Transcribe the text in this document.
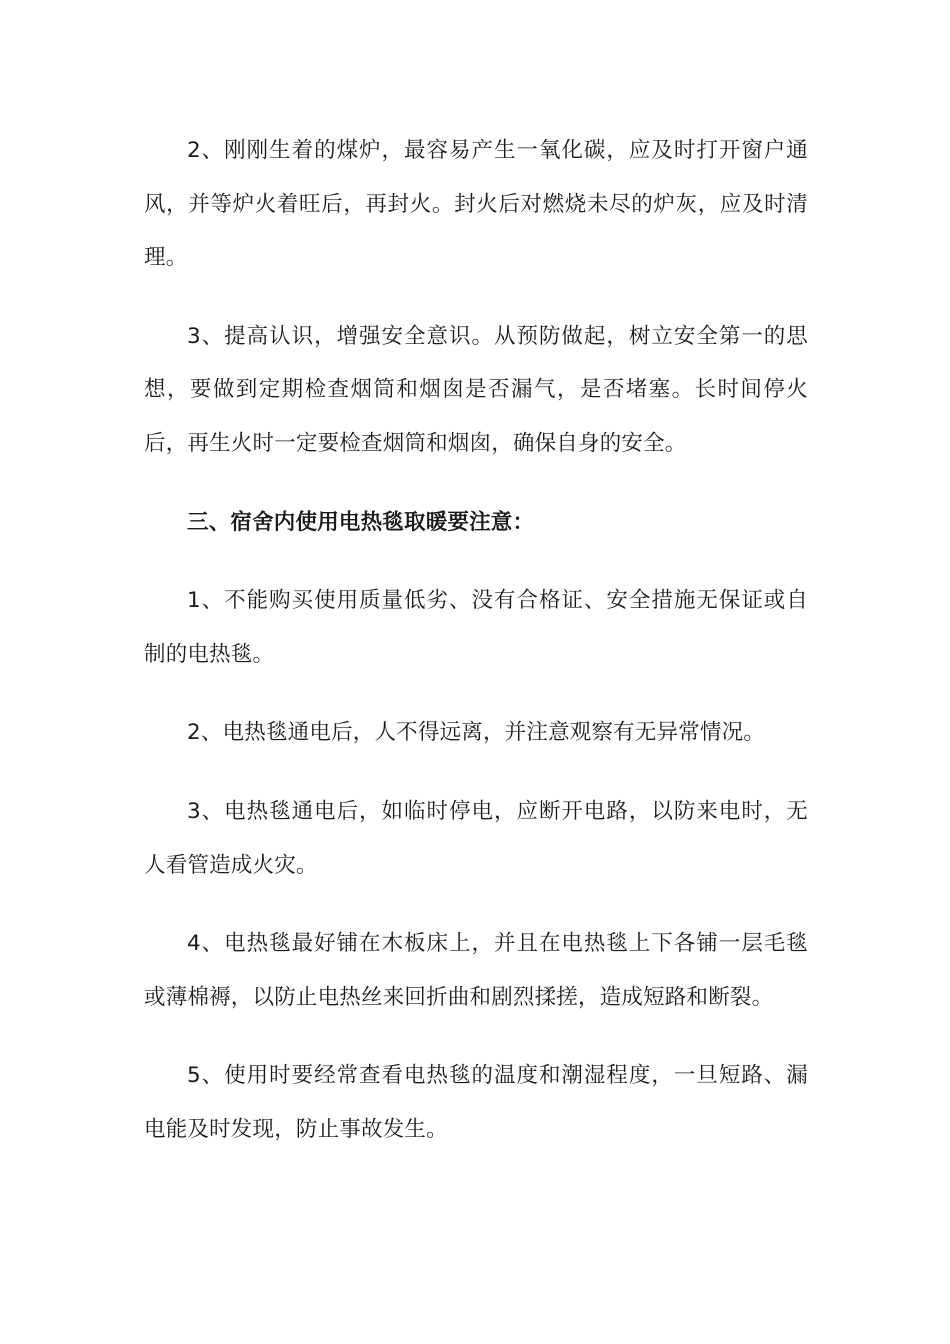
2、刚刚生着的煤炉，最容易产生一氧化碳，应及时打开窗户通风，并等炉火着旺后，再封火。封火后对燃烧未尽的炉灰，应及时清理。

3、提高认识，增强安全意识。从预防做起，树立安全第一的思想，要做到定期检查烟筒和烟囱是否漏气，是否堵塞。长时间停火后，再生火时一定要检查烟筒和烟囱，确保自身的安全。

三、宿舍内使用电热毯取暖要注意：

1、不能购买使用质量低劣、没有合格证、安全措施无保证或自制的电热毯。

2、电热毯通电后，人不得远离，并注意观察有无异常情况。

3、电热毯通电后，如临时停电，应断开电路，以防来电时，无人看管造成火灾。

4、电热毯最好铺在木板床上，并且在电热毯上下各铺一层毛毯或薄棉褥，以防止电热丝来回折曲和剧烈揉搓，造成短路和断裂。

5、使用时要经常查看电热毯的温度和潮湿程度，一旦短路、漏电能及时发现，防止事故发生。
